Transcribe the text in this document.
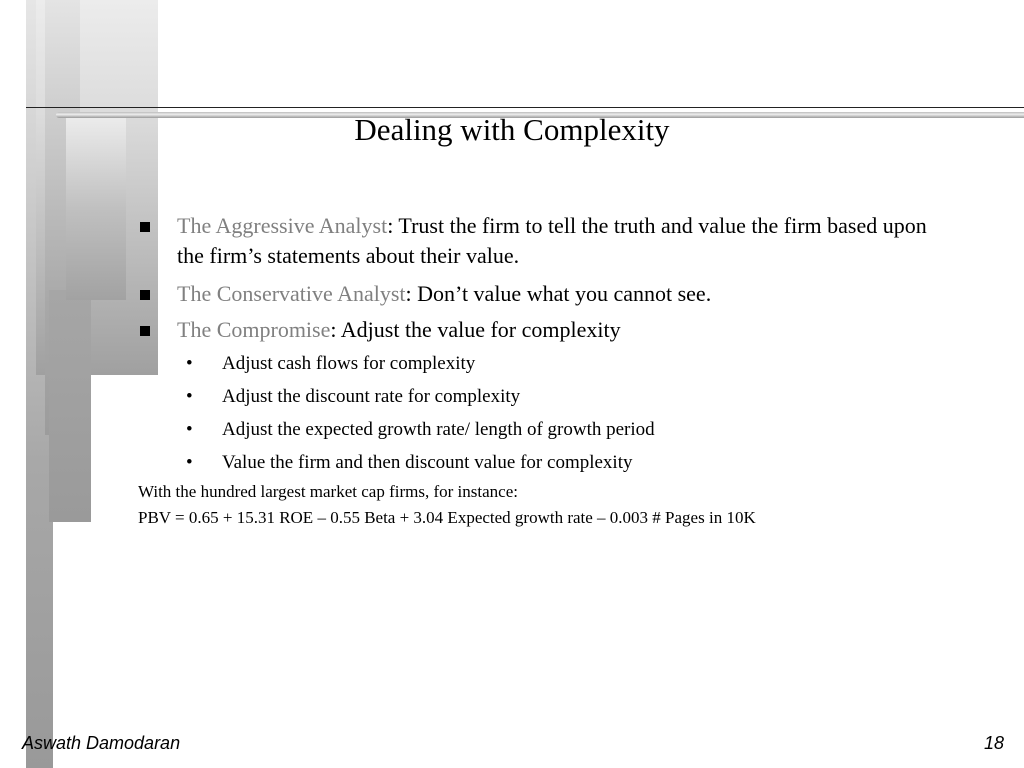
Dealing with Complexity
The Aggressive Analyst: Trust the firm to tell the truth and value the firm based upon the firm’s statements about their value.
The Conservative Analyst: Don’t value what you cannot see.
The Compromise: Adjust the value for complexity
• Adjust cash flows for complexity
• Adjust the discount rate for complexity
• Adjust the expected growth rate/ length of growth period
• Value the firm and then discount value for complexity
With the hundred largest market cap firms, for instance:
PBV = 0.65 + 15.31 ROE – 0.55 Beta + 3.04 Expected growth rate – 0.003 # Pages in 10K
Aswath Damodaran	18
